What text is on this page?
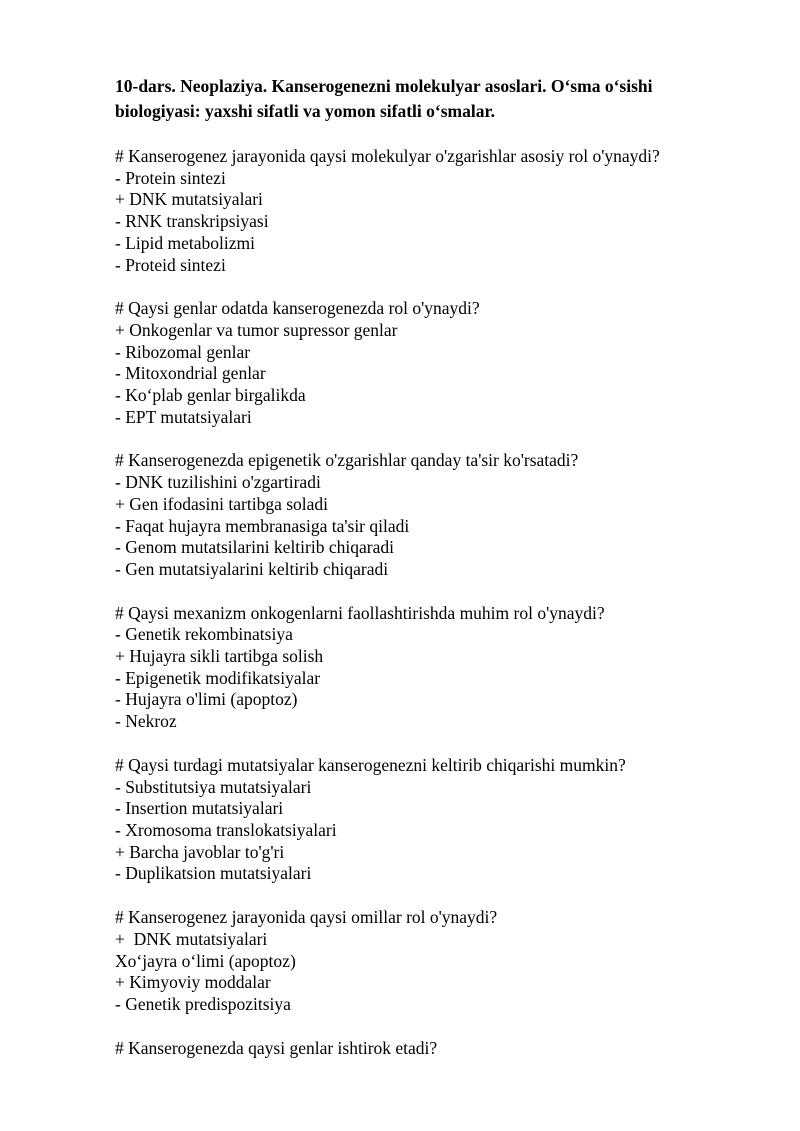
10-dars. Neoplaziya. Kanserogenezni molekulyar asoslari. O‘sma o‘sishi
biologiyasi: yaxshi sifatli va yomon sifatli o‘smalar.
# Kanserogenez jarayonida qaysi molekulyar o'zgarishlar asosiy rol o'ynaydi?
- Protein sintezi
+ DNK mutatsiyalari
- RNK transkripsiyasi
- Lipid metabolizmi
- Proteid sintezi
# Qaysi genlar odatda kanserogenezda rol o'ynaydi?
+ Onkogenlar va tumor supressor genlar
- Ribozomal genlar
- Mitoxondrial genlar
- Ko‘plab genlar birgalikda
- EPT mutatsiyalari
# Kanserogenezda epigenetik o'zgarishlar qanday ta'sir ko'rsatadi?
- DNK tuzilishini o'zgartiradi
+ Gen ifodasini tartibga soladi
- Faqat hujayra membranasiga ta'sir qiladi
- Genom mutatsilarini keltirib chiqaradi
- Gen mutatsiyalarini keltirib chiqaradi
# Qaysi mexanizm onkogenlarni faollashtirishda muhim rol o'ynaydi?
- Genetik rekombinatsiya
+ Hujayra sikli tartibga solish
- Epigenetik modifikatsiyalar
- Hujayra o'limi (apoptoz)
- Nekroz
# Qaysi turdagi mutatsiyalar kanserogenezni keltirib chiqarishi mumkin?
- Substitutsiya mutatsiyalari
- Insertion mutatsiyalari
- Xromosoma translokatsiyalari
+ Barcha javoblar to'g'ri
- Duplikatsion mutatsiyalari
# Kanserogenez jarayonida qaysi omillar rol o'ynaydi?
+  DNK mutatsiyalari
Xo‘jayra o‘limi (apoptoz)
+ Kimyoviy moddalar
- Genetik predispozitsiya
# Kanserogenezda qaysi genlar ishtirok etadi?
